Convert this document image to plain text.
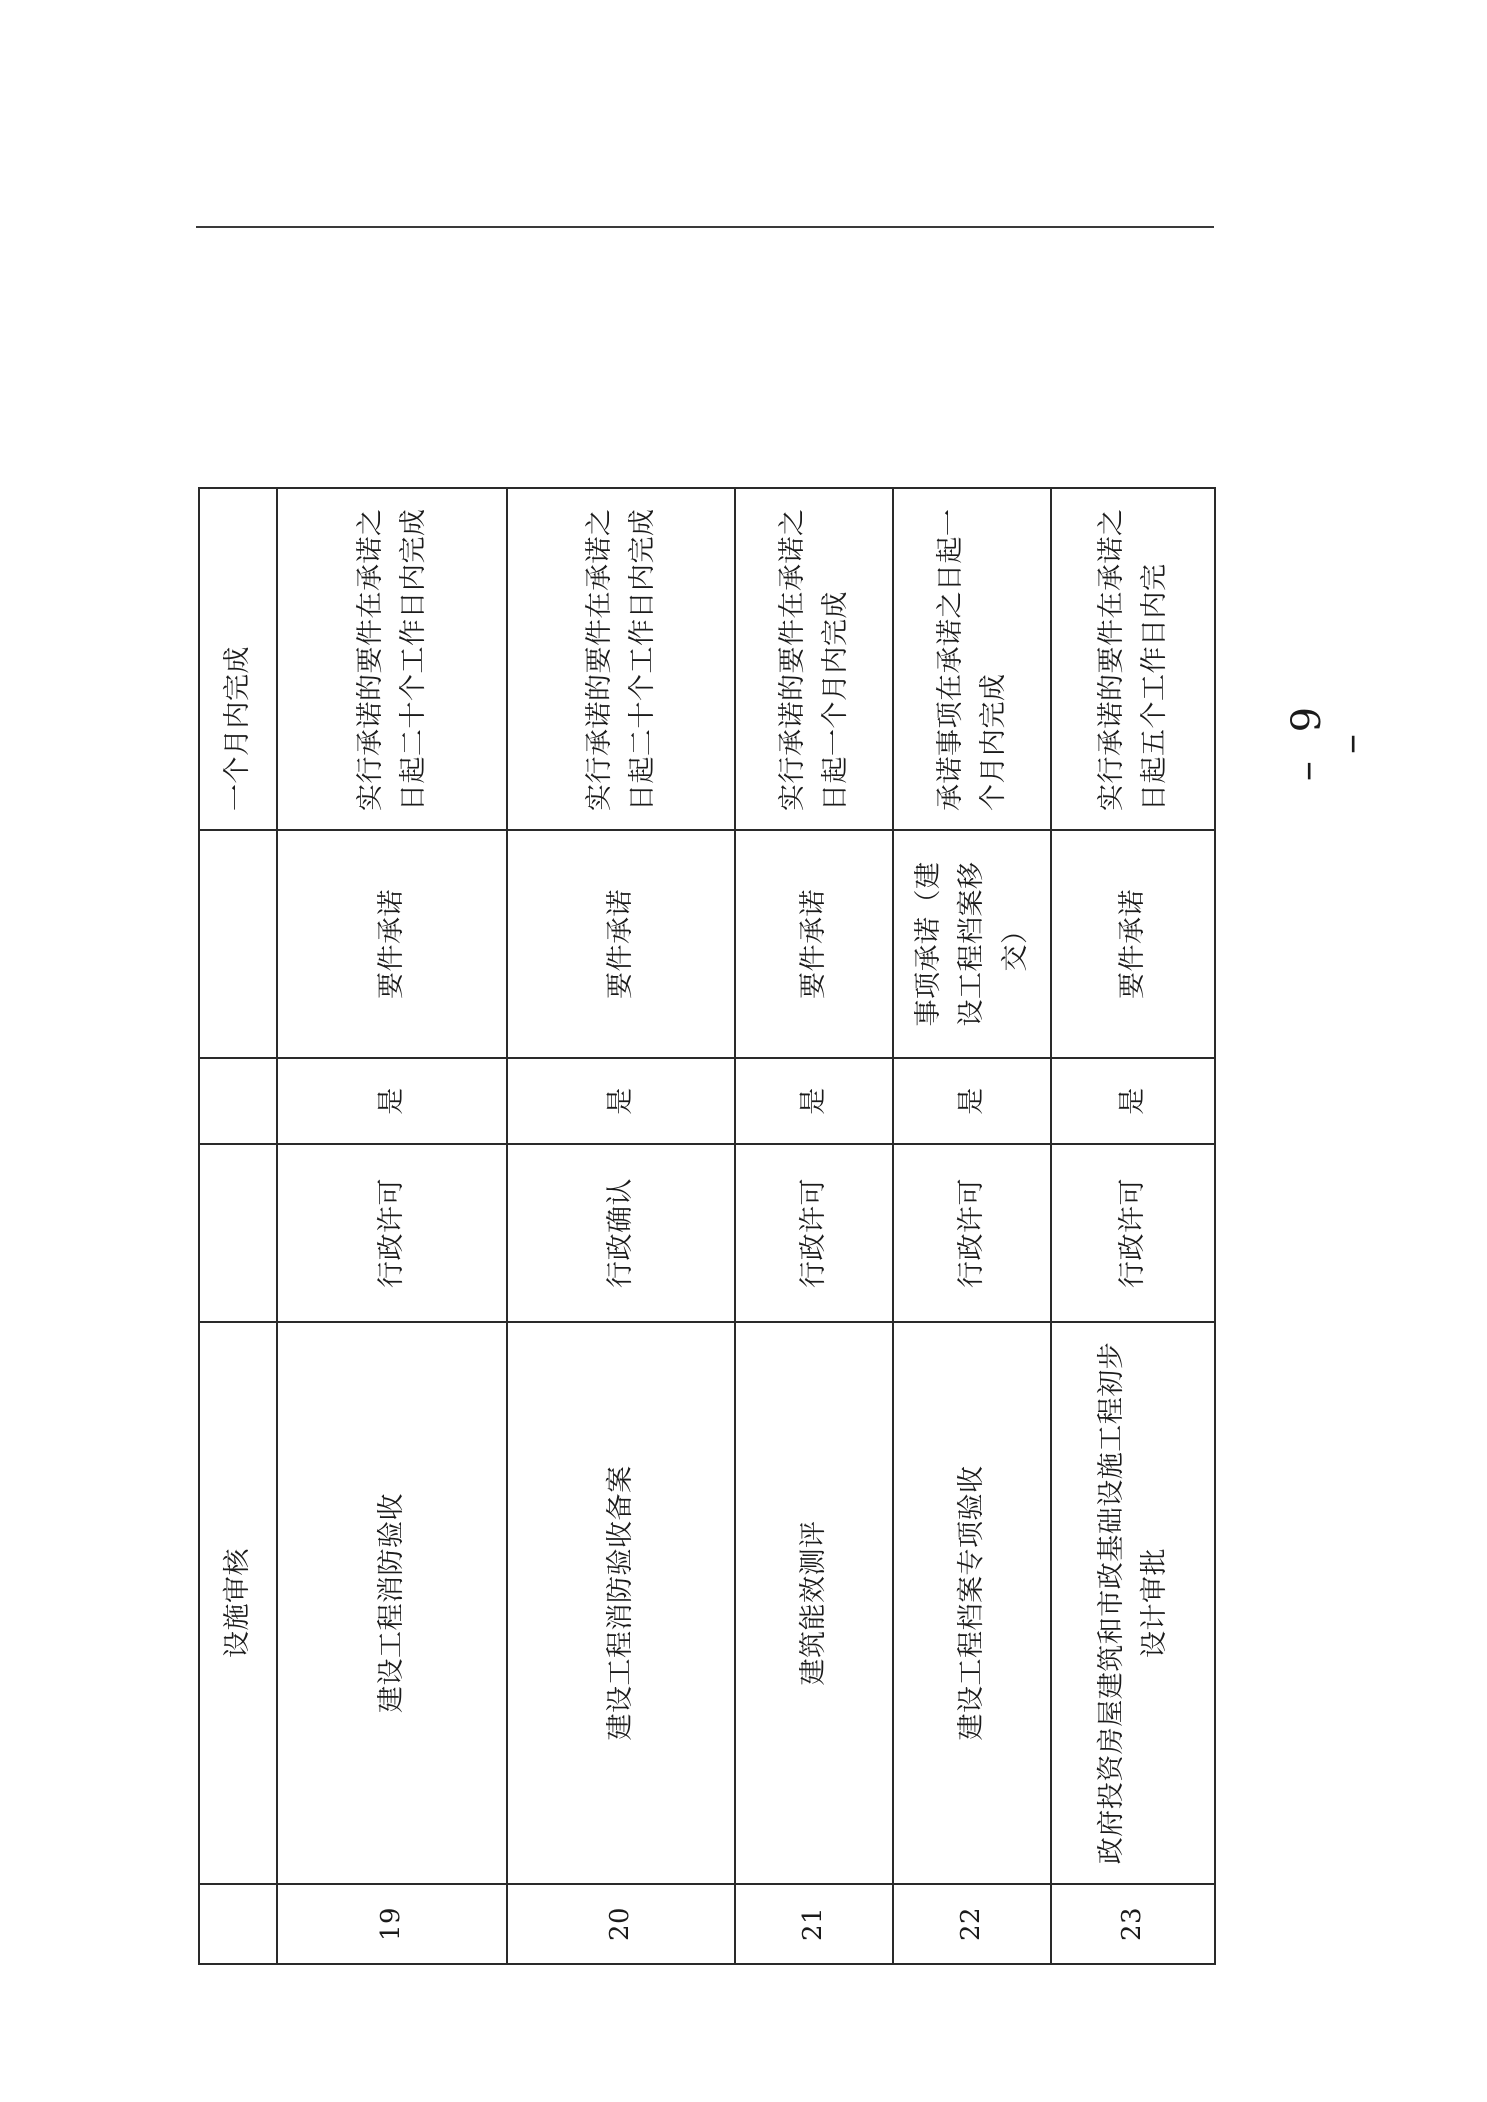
	设施审核				一个月内完成
19	建设工程消防验收	行政许可	是	要件承诺	实行承诺的要件在承诺之日起二十个工作日内完成
20	建设工程消防验收备案	行政确认	是	要件承诺	实行承诺的要件在承诺之日起二十个工作日内完成
21	建筑能效测评	行政许可	是	要件承诺	实行承诺的要件在承诺之日起一个月内完成
22	建设工程档案专项验收	行政许可	是	事项承诺（建设工程档案移交）	承诺事项在承诺之日起一个月内完成
23	政府投资房屋建筑和市政基础设施工程初步设计审批	行政许可	是	要件承诺	实行承诺的要件在承诺之日起五个工作日内完	– 9 –
